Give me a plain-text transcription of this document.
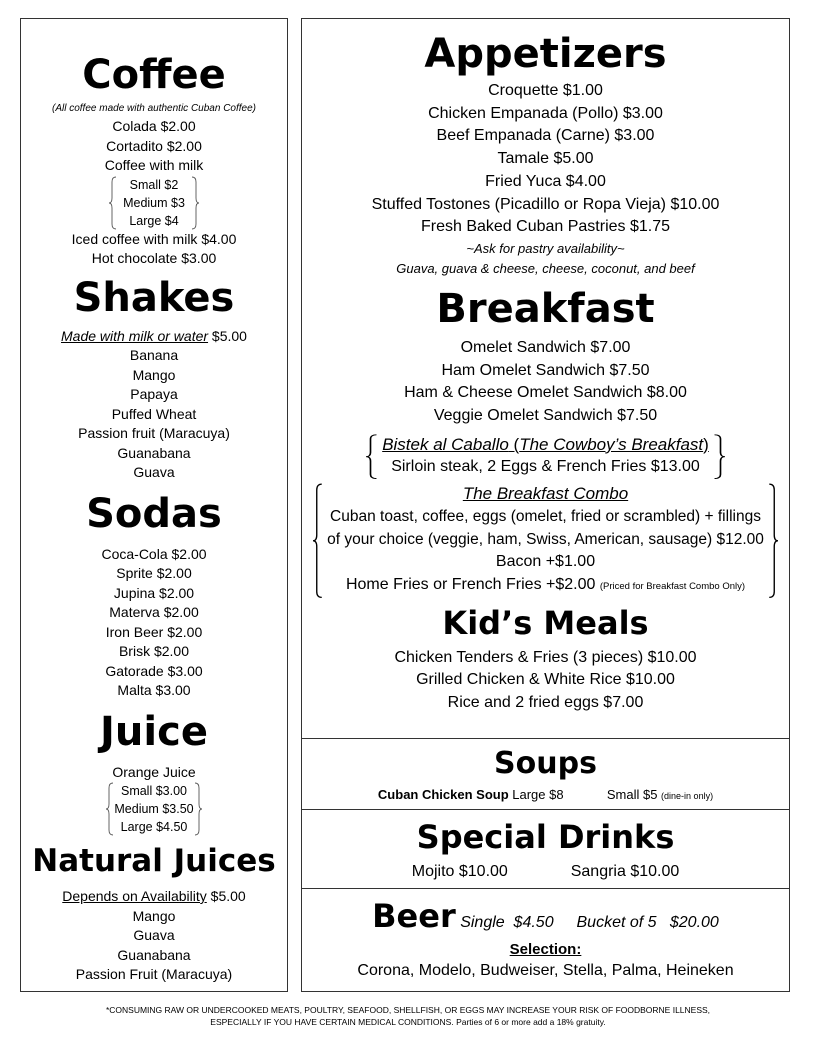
Coffee
(All coffee made with authentic Cuban Coffee)
Colada $2.00
Cortadito $2.00
Coffee with milk
Small $2
Medium $3
Large $4
Iced coffee with milk $4.00
Hot chocolate $3.00
Shakes
Made with milk or water $5.00
Banana
Mango
Papaya
Puffed Wheat
Passion fruit (Maracuya)
Guanabana
Guava
Sodas
Coca-Cola $2.00
Sprite $2.00
Jupina $2.00
Materva $2.00
Iron Beer $2.00
Brisk $2.00
Gatorade $3.00
Malta $3.00
Juice
Orange Juice
Small $3.00
Medium $3.50
Large $4.50
Natural Juices
Depends on Availability $5.00
Mango
Guava
Guanabana
Passion Fruit (Maracuya)
Appetizers
Croquette $1.00
Chicken Empanada (Pollo) $3.00
Beef Empanada (Carne) $3.00
Tamale $5.00
Fried Yuca $4.00
Stuffed Tostones (Picadillo or Ropa Vieja) $10.00
Fresh Baked Cuban Pastries $1.75
~Ask for pastry availability~
Guava, guava & cheese, cheese, coconut, and beef
Breakfast
Omelet Sandwich $7.00
Ham Omelet Sandwich $7.50
Ham & Cheese Omelet Sandwich $8.00
Veggie Omelet Sandwich $7.50
Bistek al Caballo (The Cowboy’s Breakfast)
Sirloin steak, 2 Eggs & French Fries $13.00

The Breakfast Combo
Cuban toast, coffee, eggs (omelet, fried or scrambled) + fillings
of your choice (veggie, ham, Swiss, American, sausage) $12.00
Bacon +$1.00
Home Fries or French Fries +$2.00 (Priced for Breakfast Combo Only)
Kid’s Meals
Chicken Tenders & Fries (3 pieces) $10.00
Grilled Chicken & White Rice $10.00
Rice and 2 fried eggs $7.00
Soups
Cuban Chicken Soup Large $8	Small $5 (dine-in only)
Special Drinks
Mojito $10.00	Sangria $10.00
Beer Single  $4.50 Bucket of 5   $20.00
Selection:
Corona, Modelo, Budweiser, Stella, Palma, Heineken
*CONSUMING RAW OR UNDERCOOKED MEATS, POULTRY, SEAFOOD, SHELLFISH, OR EGGS MAY INCREASE YOUR RISK OF FOODBORNE ILLNESS,
ESPECIALLY IF YOU HAVE CERTAIN MEDICAL CONDITIONS. Parties of 6 or more add a 18% gratuity.
